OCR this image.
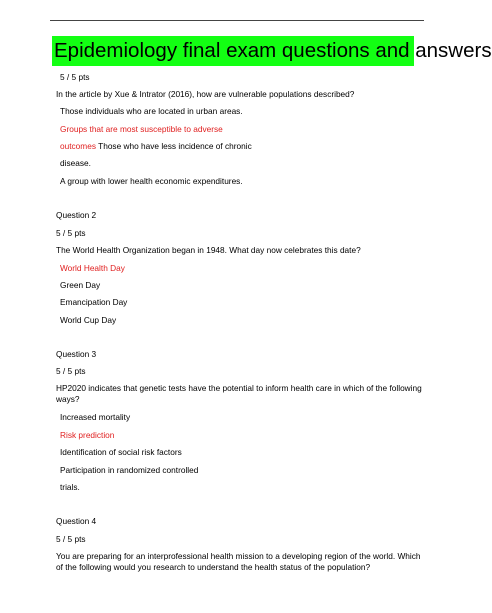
Epidemiology final exam questions and answers
5 / 5 pts
In the article by Xue & Intrator (2016), how are vulnerable populations described?
Those individuals who are located in urban areas.
Groups that are most susceptible to adverse
outcomes Those who have less incidence of chronic
disease.
A group with lower health economic expenditures.
Question 2
5 / 5 pts
The World Health Organization began in 1948. What day now celebrates this date?
World Health Day
Green Day
Emancipation Day
World Cup Day
Question 3
5 / 5 pts
HP2020 indicates that genetic tests have the potential to inform health care in which of the following ways?
Increased mortality
Risk prediction
Identification of social risk factors
Participation in randomized controlled
trials.
Question 4
5 / 5 pts
You are preparing for an interprofessional health mission to a developing region of the world. Which of the following would you research to understand the health status of the population?
